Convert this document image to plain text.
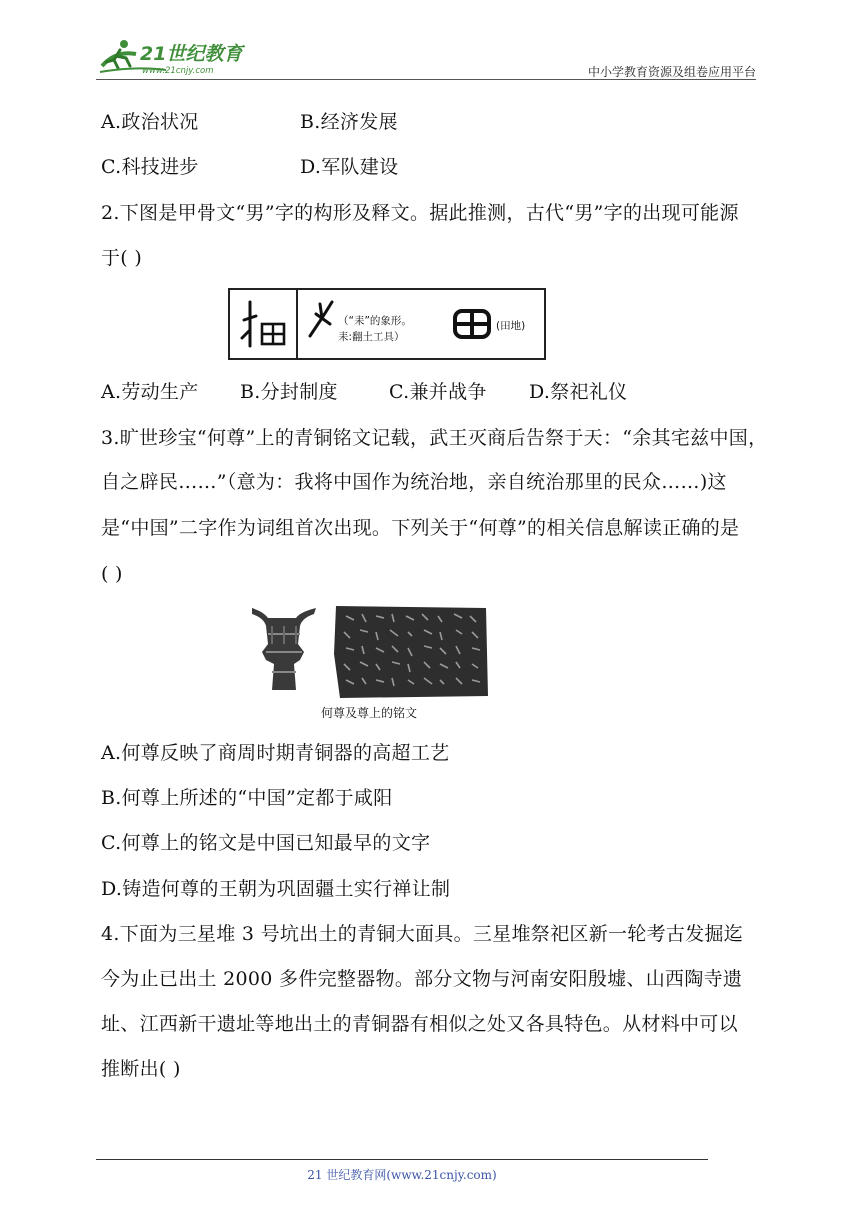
21世纪教育
www.21cnjy.com	中小学教育资源及组卷应用平台
A.政治状况	B.经济发展
C.科技进步	D.军队建设
2.下图是甲骨文“男”字的构形及释文。据此推测，古代“男”字的出现可能源
于( )
（“耒”的象形。
耒:翻土工具）
(田地)
A.劳动生产 B.分封制度	C.兼并战争 D.祭祀礼仪
3.旷世珍宝“何尊”上的青铜铭文记载，武王灭商后告祭于天：“余其宅兹中国，
自之辟民……”（意为：我将中国作为统治地，亲自统治那里的民众……)这
是“中国”二字作为词组首次出现。下列关于“何尊”的相关信息解读正确的是
( )
何尊及尊上的铭文
A.何尊反映了商周时期青铜器的高超工艺
B.何尊上所述的“中国”定都于咸阳
C.何尊上的铭文是中国已知最早的文字
D.铸造何尊的王朝为巩固疆土实行禅让制
4.下面为三星堆 3 号坑出土的青铜大面具。三星堆祭祀区新一轮考古发掘迄
今为止已出土 2000 多件完整器物。部分文物与河南安阳殷墟、山西陶寺遗
址、江西新干遗址等地出土的青铜器有相似之处又各具特色。从材料中可以
推断出( )
21 世纪教育网(www.21cnjy.com)
